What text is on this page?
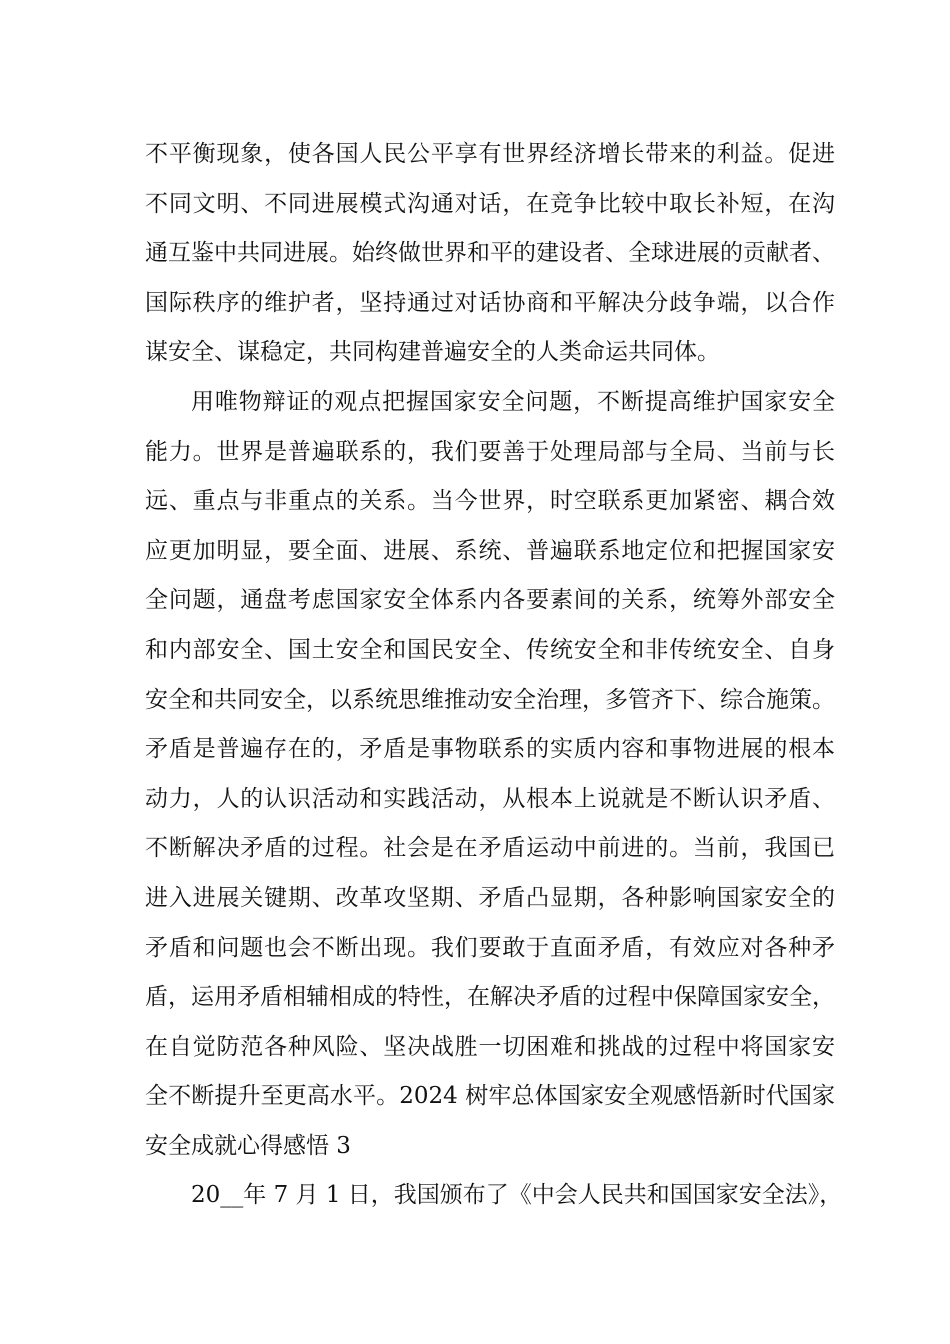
不平衡现象，使各国人民公平享有世界经济增长带来的利益。促进
不同文明、不同进展模式沟通对话，在竞争比较中取长补短，在沟
通互鉴中共同进展。始终做世界和平的建设者、全球进展的贡献者、
国际秩序的维护者，坚持通过对话协商和平解决分歧争端，以合作
谋安全、谋稳定，共同构建普遍安全的人类命运共同体。
用唯物辩证的观点把握国家安全问题，不断提高维护国家安全
能力。世界是普遍联系的，我们要善于处理局部与全局、当前与长
远、重点与非重点的关系。当今世界，时空联系更加紧密、耦合效
应更加明显，要全面、进展、系统、普遍联系地定位和把握国家安
全问题，通盘考虑国家安全体系内各要素间的关系，统筹外部安全
和内部安全、国土安全和国民安全、传统安全和非传统安全、自身
安全和共同安全，以系统思维推动安全治理，多管齐下、综合施策。
矛盾是普遍存在的，矛盾是事物联系的实质内容和事物进展的根本
动力，人的认识活动和实践活动，从根本上说就是不断认识矛盾、
不断解决矛盾的过程。社会是在矛盾运动中前进的。当前，我国已
进入进展关键期、改革攻坚期、矛盾凸显期，各种影响国家安全的
矛盾和问题也会不断出现。我们要敢于直面矛盾，有效应对各种矛
盾，运用矛盾相辅相成的特性，在解决矛盾的过程中保障国家安全，
在自觉防范各种风险、坚决战胜一切困难和挑战的过程中将国家安
全不断提升至更高水平。2024 树牢总体国家安全观感悟新时代国家
安全成就心得感悟 3
20__年 7 月 1 日，我国颁布了《中会人民共和国国家安全法》，
